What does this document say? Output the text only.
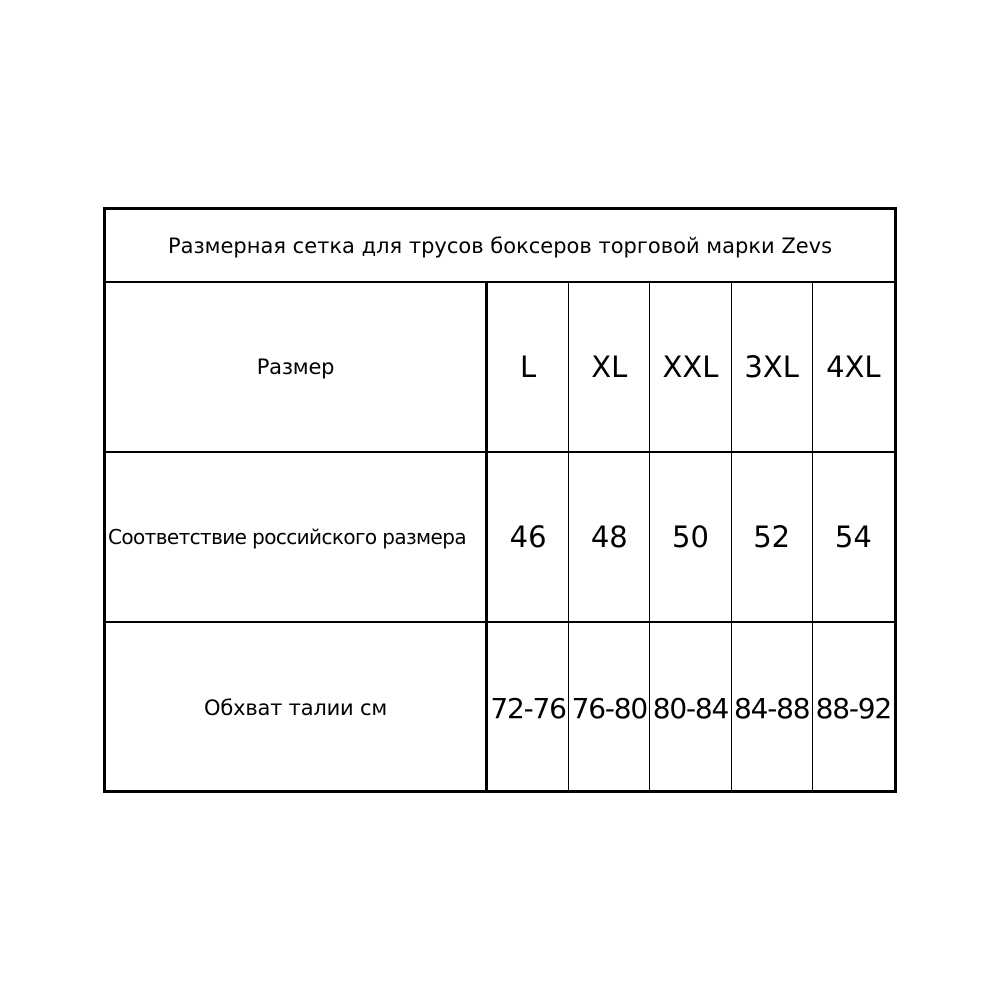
Размерная сетка для трусов боксеров торговой марки Zevs
Размер	L	XL	XXL 3XL 4XL
Соответствие российского размера	46	48	50	52	54
Обхват талии см	72-76 76-80 80-84 84-88 88-92
